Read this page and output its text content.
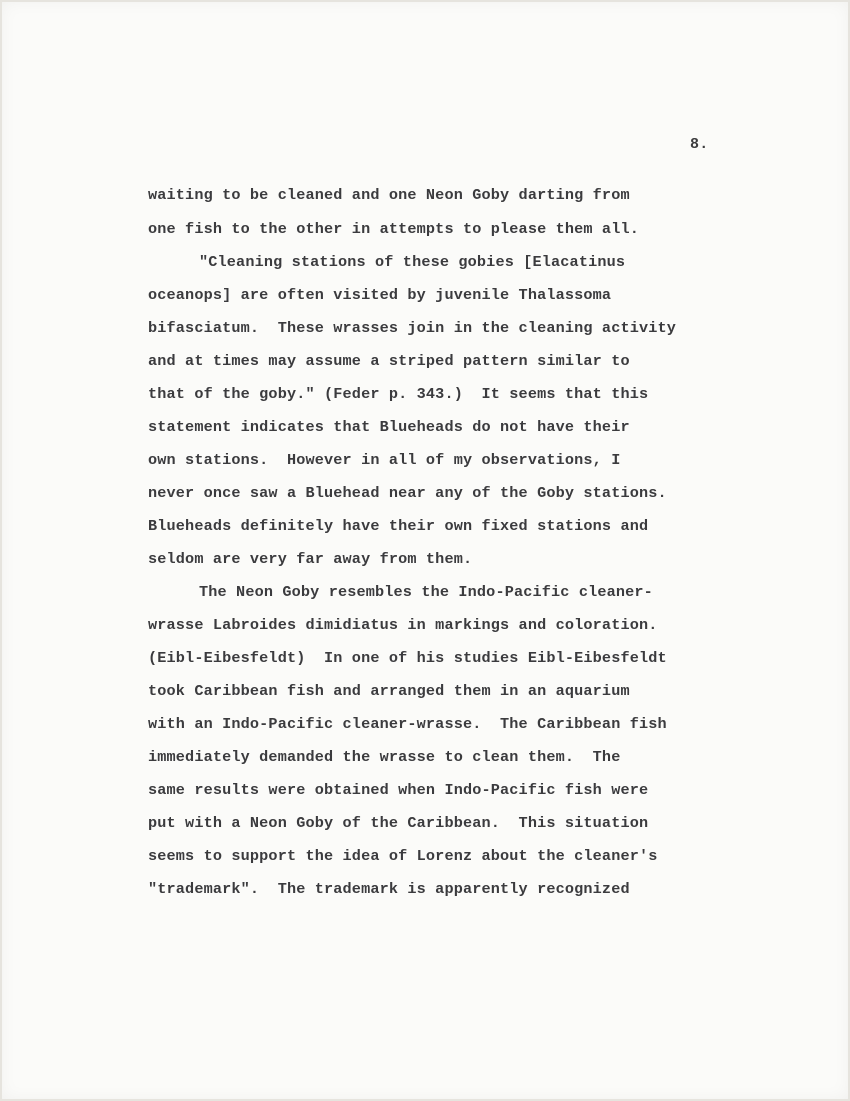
8.
waiting to be cleaned and one Neon Goby darting from
one fish to the other in attempts to please them all.
"Cleaning stations of these gobies [Elacatinus
oceanops] are often visited by juvenile Thalassoma
bifasciatum.  These wrasses join in the cleaning activity
and at times may assume a striped pattern similar to
that of the goby." (Feder p. 343.)  It seems that this
statement indicates that Blueheads do not have their
own stations.  However in all of my observations, I
never once saw a Bluehead near any of the Goby stations.
Blueheads definitely have their own fixed stations and
seldom are very far away from them.
The Neon Goby resembles the Indo-Pacific cleaner-
wrasse Labroides dimidiatus in markings and coloration.
(Eibl-Eibesfeldt)  In one of his studies Eibl-Eibesfeldt
took Caribbean fish and arranged them in an aquarium
with an Indo-Pacific cleaner-wrasse.  The Caribbean fish
immediately demanded the wrasse to clean them.  The
same results were obtained when Indo-Pacific fish were
put with a Neon Goby of the Caribbean.  This situation
seems to support the idea of Lorenz about the cleaner's
"trademark".  The trademark is apparently recognized
